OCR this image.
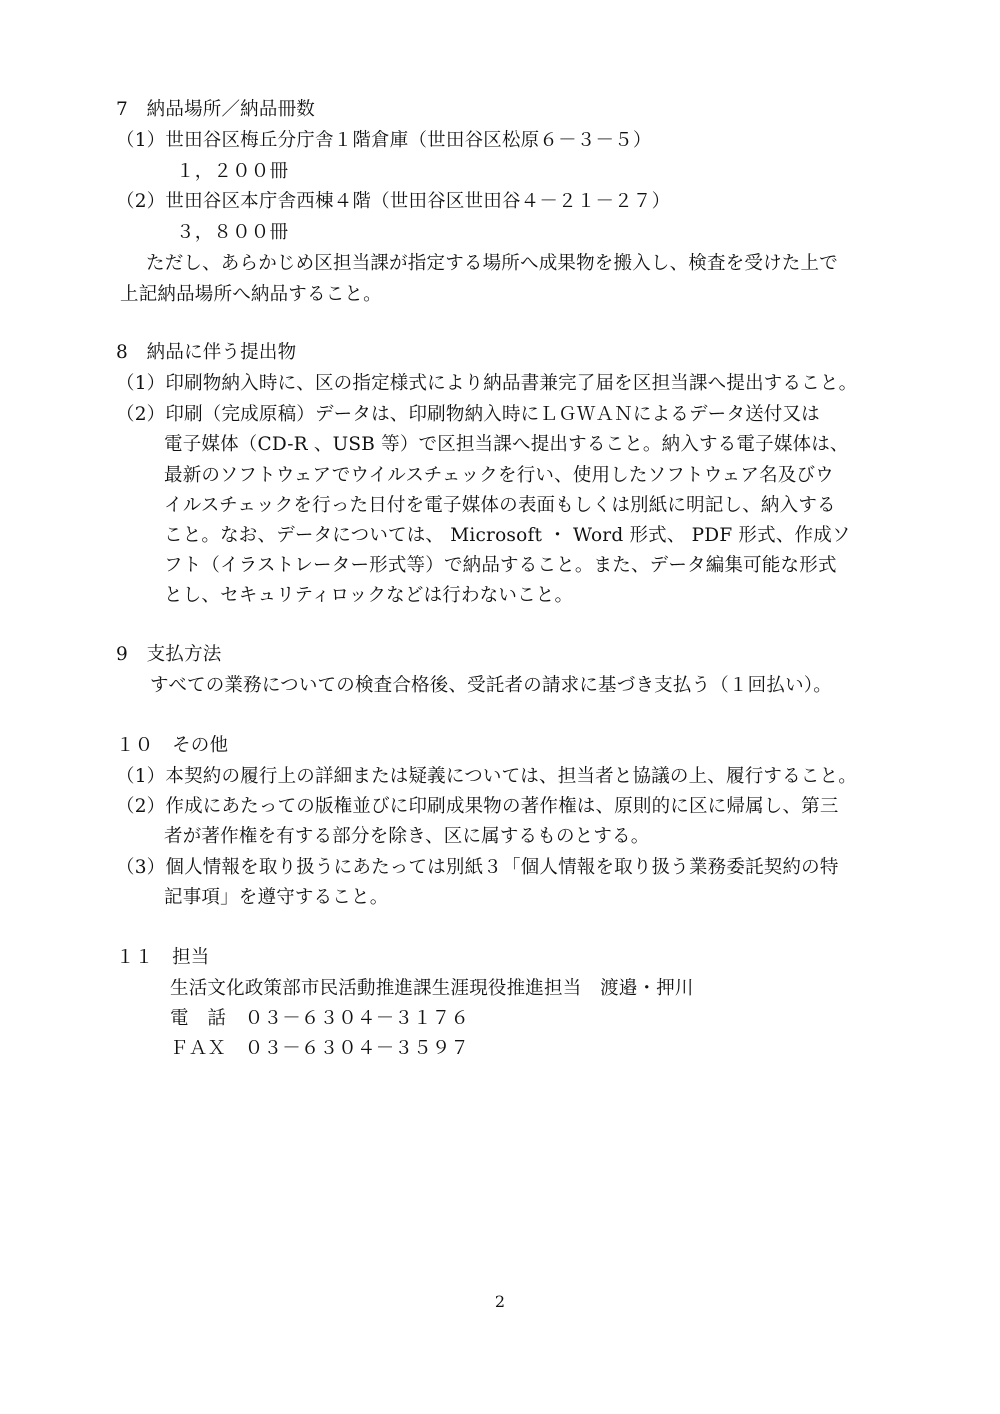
7　納品場所／納品冊数
（1）世田谷区梅丘分庁舎１階倉庫（世田谷区松原６－３－５）
１，２００冊
（2）世田谷区本庁舎西棟４階（世田谷区世田谷４－２１－２７）
３，８００冊
ただし、あらかじめ区担当課が指定する場所へ成果物を搬入し、検査を受けた上で
上記納品場所へ納品すること。
8　納品に伴う提出物
（1）印刷物納入時に、区の指定様式により納品書兼完了届を区担当課へ提出すること。
（2）印刷（完成原稿）データは、印刷物納入時にＬＧＷＡＮによるデータ送付又は
電子媒体（CD-R 、USB 等）で区担当課へ提出すること。納入する電子媒体は、
最新のソフトウェアでウイルスチェックを行い、使用したソフトウェア名及びウ
イルスチェックを行った日付を電子媒体の表面もしくは別紙に明記し、納入する
こと。なお、データについては、 Microsoft ・ Word 形式、 PDF 形式、作成ソ
フト（イラストレーター形式等）で納品すること。また、データ編集可能な形式
とし、セキュリティロックなどは行わないこと。
9　支払方法
すべての業務についての検査合格後、受託者の請求に基づき支払う（１回払い）。
１０　その他
（1）本契約の履行上の詳細または疑義については、担当者と協議の上、履行すること。
（2）作成にあたっての版権並びに印刷成果物の著作権は、原則的に区に帰属し、第三
者が著作権を有する部分を除き、区に属するものとする。
（3）個人情報を取り扱うにあたっては別紙３「個人情報を取り扱う業務委託契約の特
記事項」を遵守すること。
１１　担当
生活文化政策部市民活動推進課生涯現役推進担当　渡邉・押川
電　話　０３－６３０４－３１７６
ＦＡＸ　０３－６３０４－３５９７
2
